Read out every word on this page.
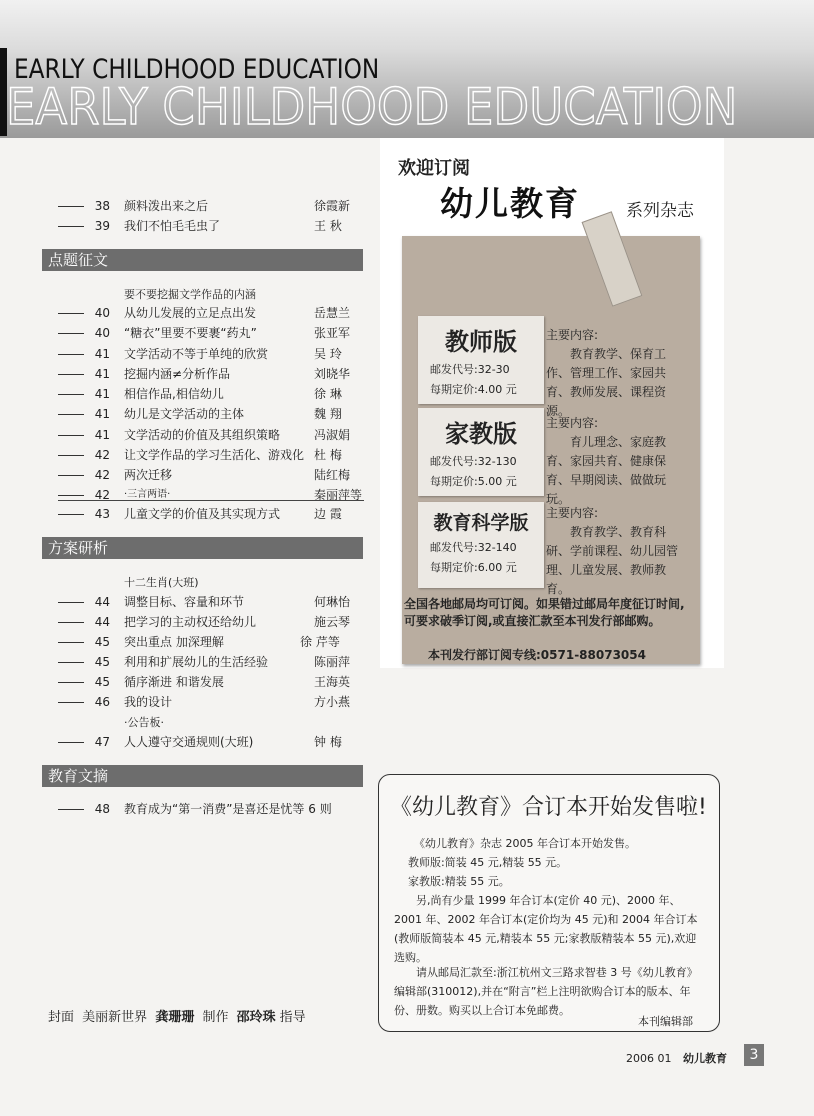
EARLY CHILDHOOD EDUCATION
EARLY CHILDHOOD EDUCATION
38 颜料泼出来之后	徐霞新
39 我们不怕毛毛虫了	王 秋
点题征文
要不要挖掘文学作品的内涵
40 从幼儿发展的立足点出发	岳慧兰
40 “糖衣”里要不要裹“药丸”	张亚军
41 文学活动不等于单纯的欣赏	吴 玲
41 挖掘内涵≠分析作品	刘晓华
41 相信作品,相信幼儿	徐 琳
41 幼儿是文学活动的主体	魏 翔
41 文学活动的价值及其组织策略	冯淑娟
42 让文学作品的学习生活化、游戏化 杜 梅
42 两次迁移	陆红梅
42 ·三言两语·	秦丽萍等
43 儿童文学的价值及其实现方式	边 霞
方案研析
十二生肖(大班)
44 调整目标、容量和环节	何琳怡
44 把学习的主动权还给幼儿	施云琴
45 突出重点 加深理解	徐 芹等
45 利用和扩展幼儿的生活经验	陈丽萍
45 循序渐进 和谐发展	王海英
46 我的设计	方小燕
·公告板·
47 人人遵守交通规则(大班)	钟 梅
教育文摘
48 教育成为“第一消费”是喜还是忧等 6 则
欢迎订阅
幼儿教育	系列杂志
教师版
邮发代号:32-30
每期定价:4.00 元
主要内容:
教育教学、保育工作、管理工作、家园共育、教师发展、课程资源。
家教版
邮发代号:32-130
每期定价:5.00 元
主要内容:
育儿理念、家庭教育、家园共育、健康保育、早期阅读、做做玩玩。
教育科学版
邮发代号:32-140
每期定价:6.00 元
主要内容:
教育教学、教育科研、学前课程、幼儿园管理、儿童发展、教师教育。
全国各地邮局均可订阅。如果错过邮局年度征订时间,可要求破季订阅,或直接汇款至本刊发行部邮购。
本刊发行部订阅专线:0571-88073054
《幼儿教育》合订本开始发售啦!
《幼儿教育》杂志 2005 年合订本开始发售。
教师版:简装 45 元,精装 55 元。
家教版:精装 55 元。
另,尚有少量 1999 年合订本(定价 40 元)、2000 年、2001 年、2002 年合订本(定价均为 45 元)和 2004 年合订本(教师版简装本 45 元,精装本 55 元;家教版精装本 55 元),欢迎选购。
请从邮局汇款至:浙江杭州文三路求智巷 3 号《幼儿教育》编辑部(310012),并在“附言”栏上注明欲购合订本的版本、年份、册数。购买以上合订本免邮费。
本刊编辑部
封面 美丽新世界 龚珊珊 制作 邵玲珠 指导
2006 01 幼儿教育	3
